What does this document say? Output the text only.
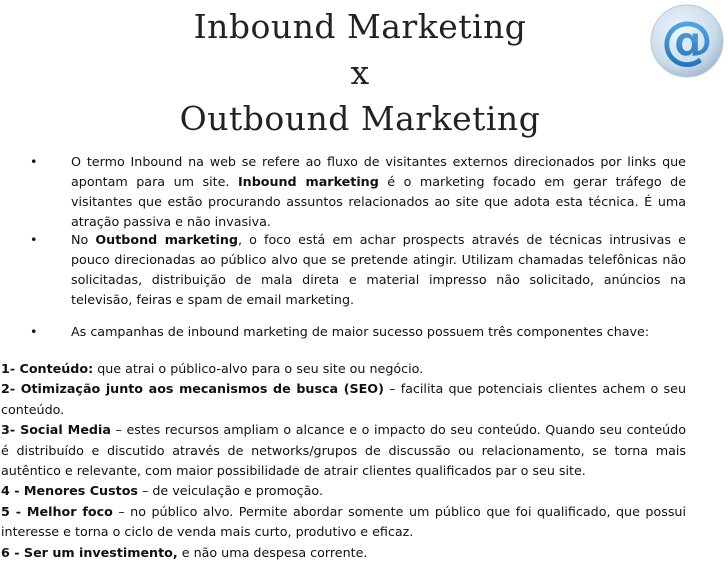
Inbound Marketing
x
Outbound Marketing
@
•	O termo Inbound na web se refere ao fluxo de visitantes externos direcionados por links que apontam para um site. Inbound marketing é o marketing focado em gerar tráfego de visitantes que estão procurando assuntos relacionados ao site que adota esta técnica. É uma atração passiva e não invasiva.
•	No Outbond marketing, o foco está em achar prospects através de técnicas intrusivas e pouco direcionadas ao público alvo que se pretende atingir. Utilizam chamadas telefônicas não solicitadas, distribuição de mala direta e material impresso não solicitado, anúncios na televisão, feiras e spam de email marketing.
•	As campanhas de inbound marketing de maior sucesso possuem três componentes chave:
1- Conteúdo: que atrai o público-alvo para o seu site ou negócio.
2- Otimização junto aos mecanismos de busca (SEO) – facilita que potenciais clientes achem o seu conteúdo.
3- Social Media – estes recursos ampliam o alcance e o impacto do seu conteúdo. Quando seu conteúdo é distribuído e discutido através de networks/grupos de discussão ou relacionamento, se torna mais autêntico e relevante, com maior possibilidade de atrair clientes qualificados par o seu site.
4 - Menores Custos – de veiculação e promoção.
5 - Melhor foco – no público alvo. Permite abordar somente um público que foi qualificado, que possui interesse e torna o ciclo de venda mais curto, produtivo e eficaz.
6 - Ser um investimento, e não uma despesa corrente.
